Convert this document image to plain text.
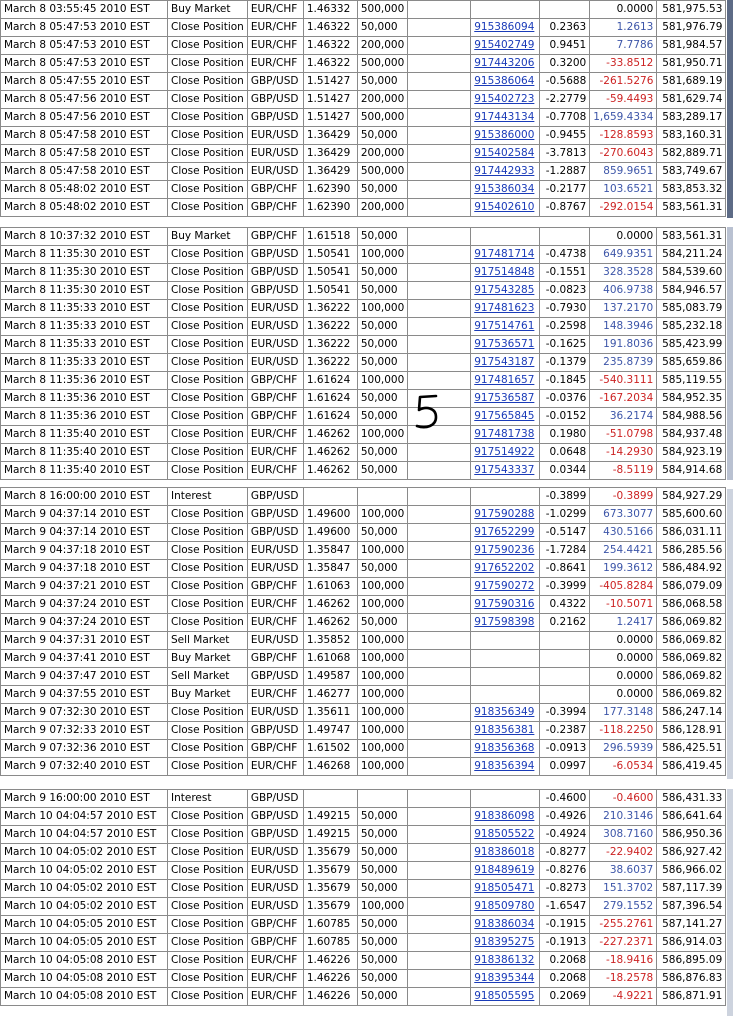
March 8 03:55:45 2010 EST	Buy Market	EUR/CHF	1.46332	500,000				0.0000	581,975.53
March 8 05:47:53 2010 EST	Close Position	EUR/CHF	1.46322	50,000		915386094	0.2363	1.2613	581,976.79
March 8 05:47:53 2010 EST	Close Position	EUR/CHF	1.46322	200,000		915402749	0.9451	7.7786	581,984.57
March 8 05:47:53 2010 EST	Close Position	EUR/CHF	1.46322	500,000		917443206	0.3200	-33.8512	581,950.71
March 8 05:47:55 2010 EST	Close Position	GBP/USD	1.51427	50,000		915386064	-0.5688	-261.5276	581,689.19
March 8 05:47:56 2010 EST	Close Position	GBP/USD	1.51427	200,000		915402723	-2.2779	-59.4493	581,629.74
March 8 05:47:56 2010 EST	Close Position	GBP/USD	1.51427	500,000		917443134	-0.7708	1,659.4334	583,289.17
March 8 05:47:58 2010 EST	Close Position	EUR/USD	1.36429	50,000		915386000	-0.9455	-128.8593	583,160.31
March 8 05:47:58 2010 EST	Close Position	EUR/USD	1.36429	200,000		915402584	-3.7813	-270.6043	582,889.71
March 8 05:47:58 2010 EST	Close Position	EUR/USD	1.36429	500,000		917442933	-1.2887	859.9651	583,749.67
March 8 05:48:02 2010 EST	Close Position	GBP/CHF	1.62390	50,000		915386034	-0.2177	103.6521	583,853.32
March 8 05:48:02 2010 EST	Close Position	GBP/CHF	1.62390	200,000		915402610	-0.8767	-292.0154	583,561.31
March 8 10:37:32 2010 EST	Buy Market	GBP/CHF	1.61518	50,000				0.0000	583,561.31
March 8 11:35:30 2010 EST	Close Position	GBP/USD	1.50541	100,000		917481714	-0.4738	649.9351	584,211.24
March 8 11:35:30 2010 EST	Close Position	GBP/USD	1.50541	50,000		917514848	-0.1551	328.3528	584,539.60
March 8 11:35:30 2010 EST	Close Position	GBP/USD	1.50541	50,000		917543285	-0.0823	406.9738	584,946.57
March 8 11:35:33 2010 EST	Close Position	EUR/USD	1.36222	100,000		917481623	-0.7930	137.2170	585,083.79
March 8 11:35:33 2010 EST	Close Position	EUR/USD	1.36222	50,000		917514761	-0.2598	148.3946	585,232.18
March 8 11:35:33 2010 EST	Close Position	EUR/USD	1.36222	50,000		917536571	-0.1625	191.8036	585,423.99
March 8 11:35:33 2010 EST	Close Position	EUR/USD	1.36222	50,000		917543187	-0.1379	235.8739	585,659.86
March 8 11:35:36 2010 EST	Close Position	GBP/CHF	1.61624	100,000		917481657	-0.1845	-540.3111	585,119.55
March 8 11:35:36 2010 EST	Close Position	GBP/CHF	1.61624	50,000		917536587	-0.0376	-167.2034	584,952.35
March 8 11:35:36 2010 EST	Close Position	GBP/CHF	1.61624	50,000		917565845	-0.0152	36.2174	584,988.56
March 8 11:35:40 2010 EST	Close Position	EUR/CHF	1.46262	100,000		917481738	0.1980	-51.0798	584,937.48
March 8 11:35:40 2010 EST	Close Position	EUR/CHF	1.46262	50,000		917514922	0.0648	-14.2930	584,923.19
March 8 11:35:40 2010 EST	Close Position	EUR/CHF	1.46262	50,000		917543337	0.0344	-8.5119	584,914.68
March 8 16:00:00 2010 EST	Interest	GBP/USD					-0.3899	-0.3899	584,927.29
March 9 04:37:14 2010 EST	Close Position	GBP/USD	1.49600	100,000		917590288	-1.0299	673.3077	585,600.60
March 9 04:37:14 2010 EST	Close Position	GBP/USD	1.49600	50,000		917652299	-0.5147	430.5166	586,031.11
March 9 04:37:18 2010 EST	Close Position	EUR/USD	1.35847	100,000		917590236	-1.7284	254.4421	586,285.56
March 9 04:37:18 2010 EST	Close Position	EUR/USD	1.35847	50,000		917652202	-0.8641	199.3612	586,484.92
March 9 04:37:21 2010 EST	Close Position	GBP/CHF	1.61063	100,000		917590272	-0.3999	-405.8284	586,079.09
March 9 04:37:24 2010 EST	Close Position	EUR/CHF	1.46262	100,000		917590316	0.4322	-10.5071	586,068.58
March 9 04:37:24 2010 EST	Close Position	EUR/CHF	1.46262	50,000		917598398	0.2162	1.2417	586,069.82
March 9 04:37:31 2010 EST	Sell Market	EUR/USD	1.35852	100,000				0.0000	586,069.82
March 9 04:37:41 2010 EST	Buy Market	GBP/CHF	1.61068	100,000				0.0000	586,069.82
March 9 04:37:47 2010 EST	Sell Market	GBP/USD	1.49587	100,000				0.0000	586,069.82
March 9 04:37:55 2010 EST	Buy Market	EUR/CHF	1.46277	100,000				0.0000	586,069.82
March 9 07:32:30 2010 EST	Close Position	EUR/USD	1.35611	100,000		918356349	-0.3994	177.3148	586,247.14
March 9 07:32:33 2010 EST	Close Position	GBP/USD	1.49747	100,000		918356381	-0.2387	-118.2250	586,128.91
March 9 07:32:36 2010 EST	Close Position	GBP/CHF	1.61502	100,000		918356368	-0.0913	296.5939	586,425.51
March 9 07:32:40 2010 EST	Close Position	EUR/CHF	1.46268	100,000		918356394	0.0997	-6.0534	586,419.45
March 9 16:00:00 2010 EST	Interest	GBP/USD					-0.4600	-0.4600	586,431.33
March 10 04:04:57 2010 EST	Close Position	GBP/USD	1.49215	50,000		918386098	-0.4926	210.3146	586,641.64
March 10 04:04:57 2010 EST	Close Position	GBP/USD	1.49215	50,000		918505522	-0.4924	308.7160	586,950.36
March 10 04:05:02 2010 EST	Close Position	EUR/USD	1.35679	50,000		918386018	-0.8277	-22.9402	586,927.42
March 10 04:05:02 2010 EST	Close Position	EUR/USD	1.35679	50,000		918489619	-0.8276	38.6037	586,966.02
March 10 04:05:02 2010 EST	Close Position	EUR/USD	1.35679	50,000		918505471	-0.8273	151.3702	587,117.39
March 10 04:05:02 2010 EST	Close Position	EUR/USD	1.35679	100,000		918509780	-1.6547	279.1552	587,396.54
March 10 04:05:05 2010 EST	Close Position	GBP/CHF	1.60785	50,000		918386034	-0.1915	-255.2761	587,141.27
March 10 04:05:05 2010 EST	Close Position	GBP/CHF	1.60785	50,000		918395275	-0.1913	-227.2371	586,914.03
March 10 04:05:08 2010 EST	Close Position	EUR/CHF	1.46226	50,000		918386132	0.2068	-18.9416	586,895.09
March 10 04:05:08 2010 EST	Close Position	EUR/CHF	1.46226	50,000		918395344	0.2068	-18.2578	586,876.83
March 10 04:05:08 2010 EST	Close Position	EUR/CHF	1.46226	50,000		918505595	0.2069	-4.9221	586,871.91
